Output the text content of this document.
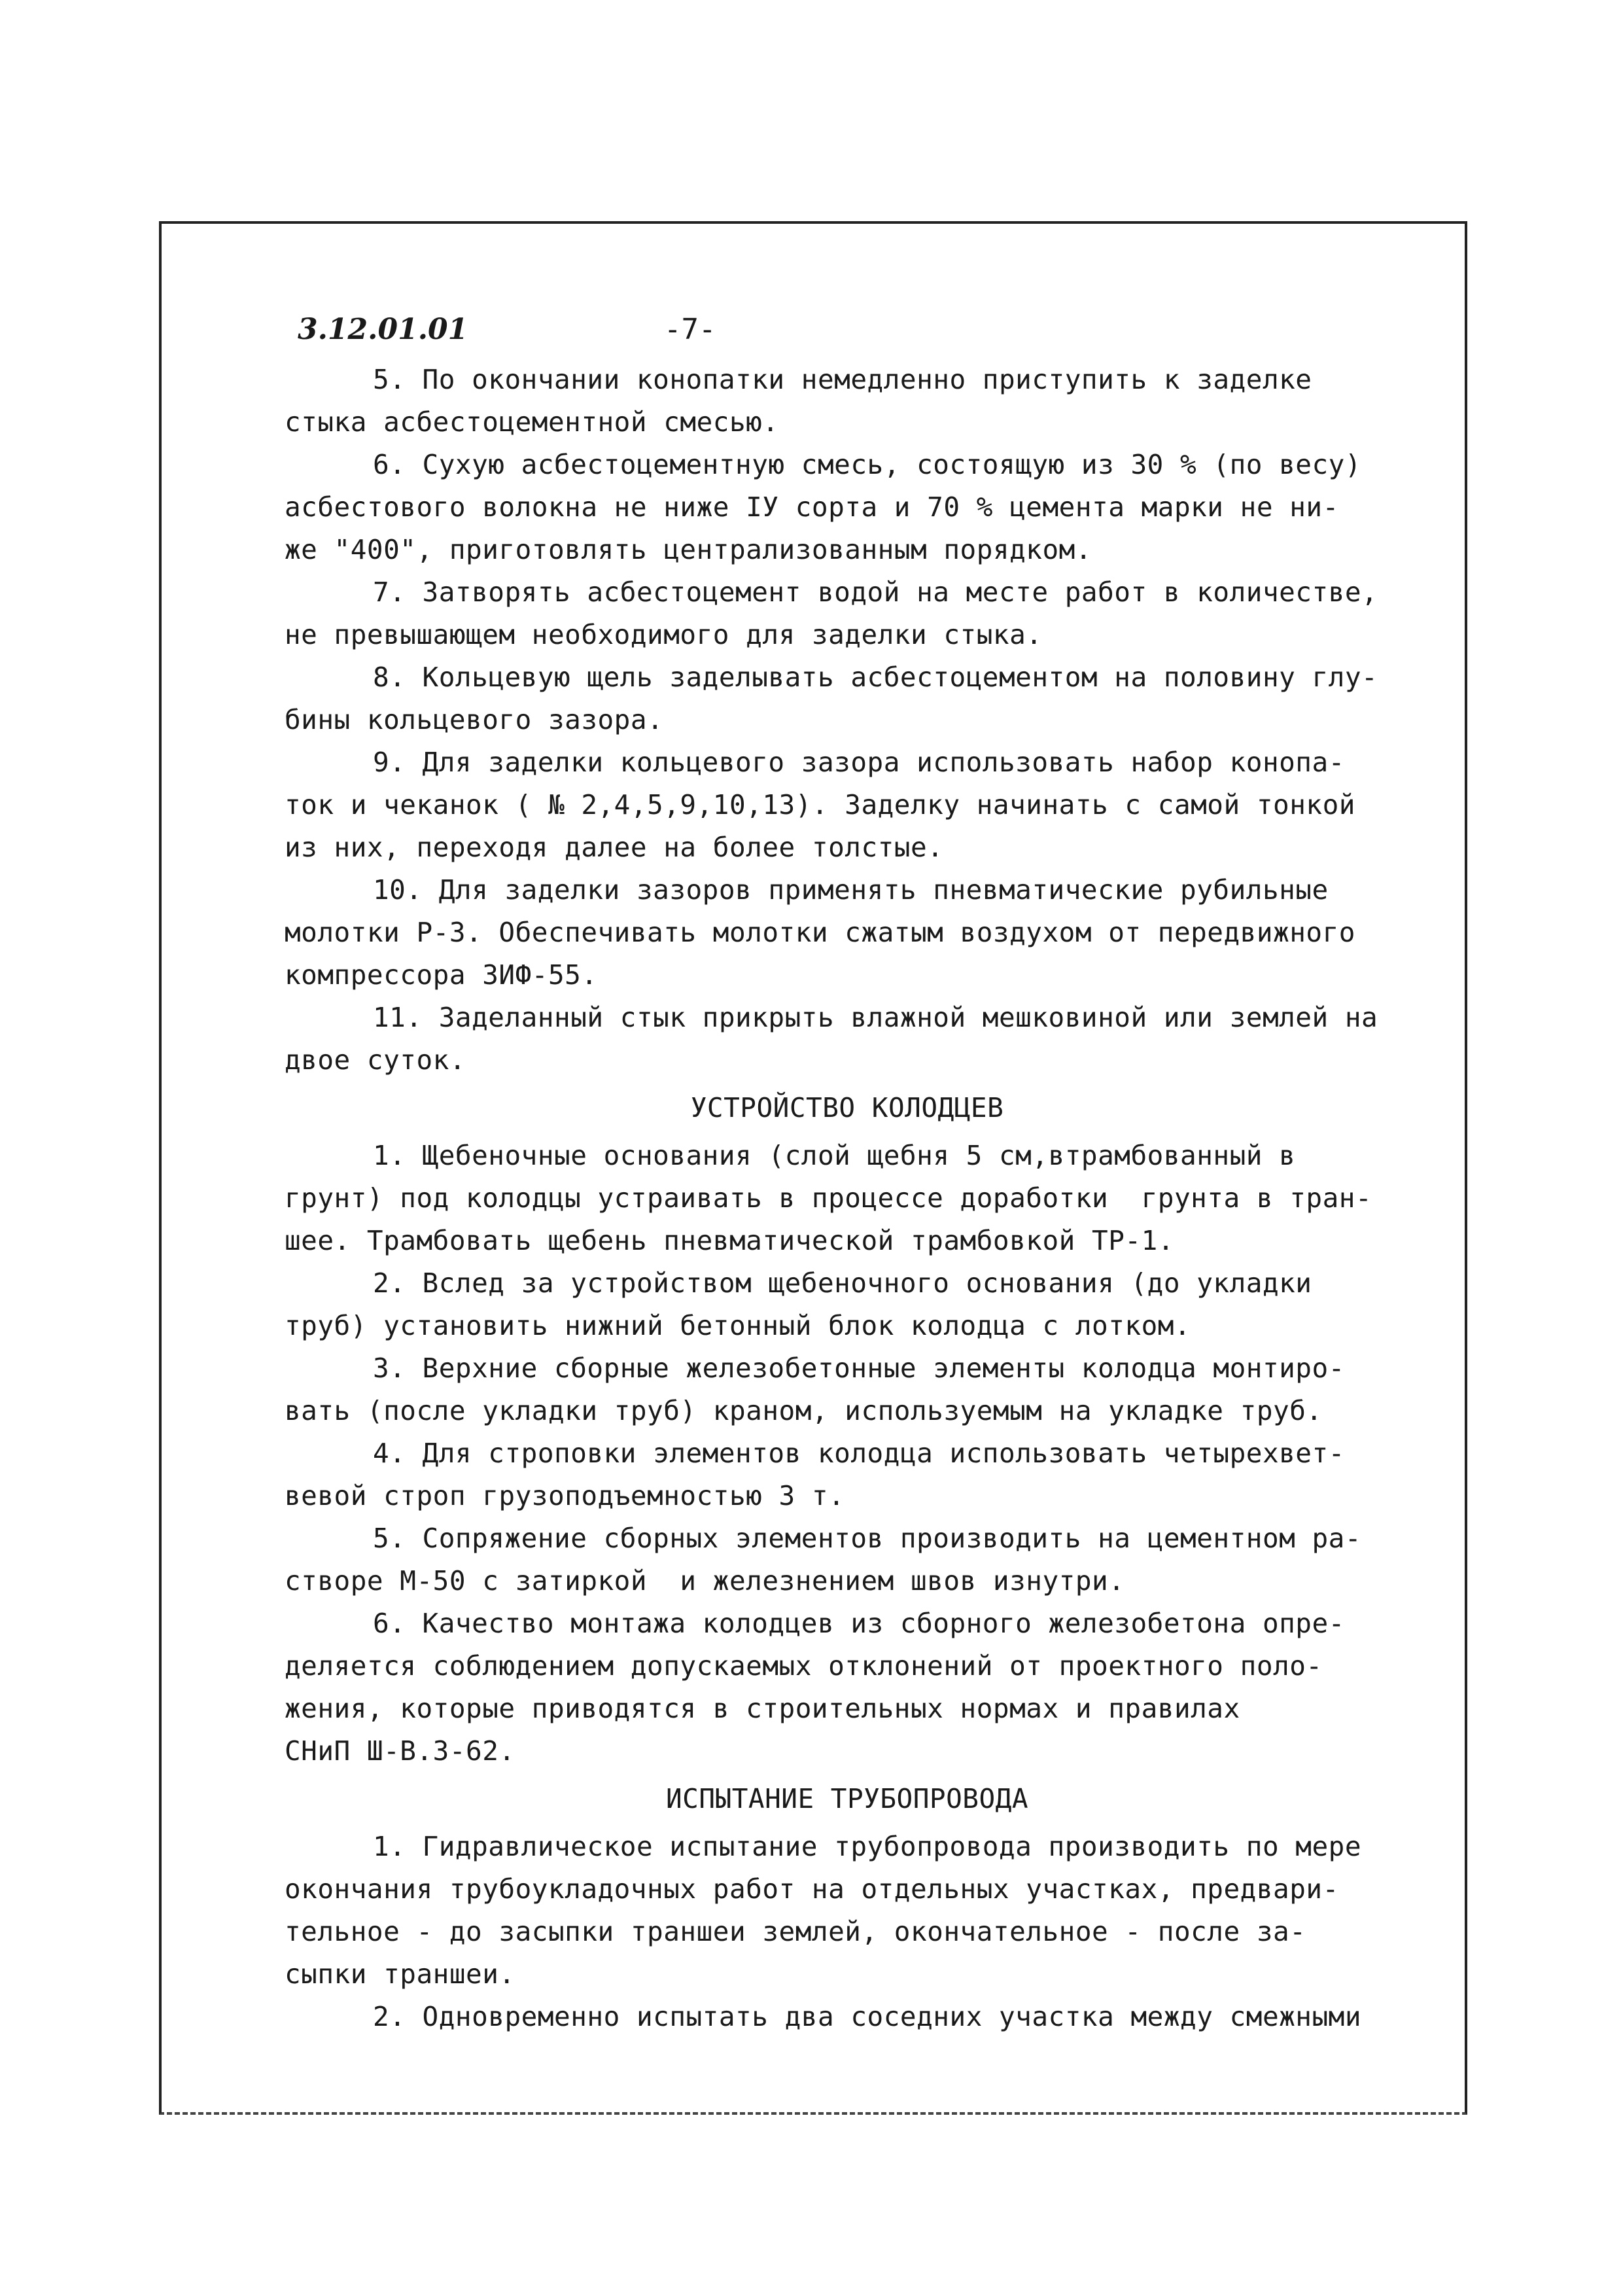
3.12.01.01	-7-

5. По окончании конопатки немедленно приступить к заделке

стыка асбестоцементной смесью.

6. Сухую асбестоцементную смесь, состоящую из 30 % (по весу)

асбестового волокна не ниже IУ сорта и 70 % цемента марки не ни-

же "400", приготовлять централизованным порядком.

7. Затворять асбестоцемент водой на месте работ в количестве,

не превышающем необходимого для заделки стыка.

8. Кольцевую щель заделывать асбестоцементом на половину глу-

бины кольцевого зазора.

9. Для заделки кольцевого зазора использовать набор конопа-

ток и чеканок ( № 2,4,5,9,10,13). Заделку начинать с самой тонкой

из них, переходя далее на более толстые.

10. Для заделки зазоров применять пневматические рубильные

молотки Р-3. Обеспечивать молотки сжатым воздухом от передвижного

компрессора ЗИФ-55.

11. Заделанный стык прикрыть влажной мешковиной или землей на

двое суток.

УСТРОЙСТВО КОЛОДЦЕВ

1. Щебеночные основания (слой щебня 5 см,втрамбованный в

грунт) под колодцы устраивать в процессе доработки  грунта в тран-

шее. Трамбовать щебень пневматической трамбовкой ТР-1.

2. Вслед за устройством щебеночного основания (до укладки

труб) установить нижний бетонный блок колодца с лотком.

3. Верхние сборные железобетонные элементы колодца монтиро-

вать (после укладки труб) краном, используемым на укладке труб.

4. Для строповки элементов колодца использовать четырехвет-

вевой строп грузоподъемностью 3 т.

5. Сопряжение сборных элементов производить на цементном ра-

створе М-50 с затиркой  и железнением швов изнутри.

6. Качество монтажа колодцев из сборного железобетона опре-

деляется соблюдением допускаемых отклонений от проектного поло-

жения, которые приводятся в строительных нормах и правилах

СНиП Ш-В.3-62.

ИСПЫТАНИЕ ТРУБОПРОВОДА

1. Гидравлическое испытание трубопровода производить по мере

окончания трубоукладочных работ на отдельных участках, предвари-

тельное - до засыпки траншеи землей, окончательное - после за-

сыпки траншеи.

2. Одновременно испытать два соседних участка между смежными
